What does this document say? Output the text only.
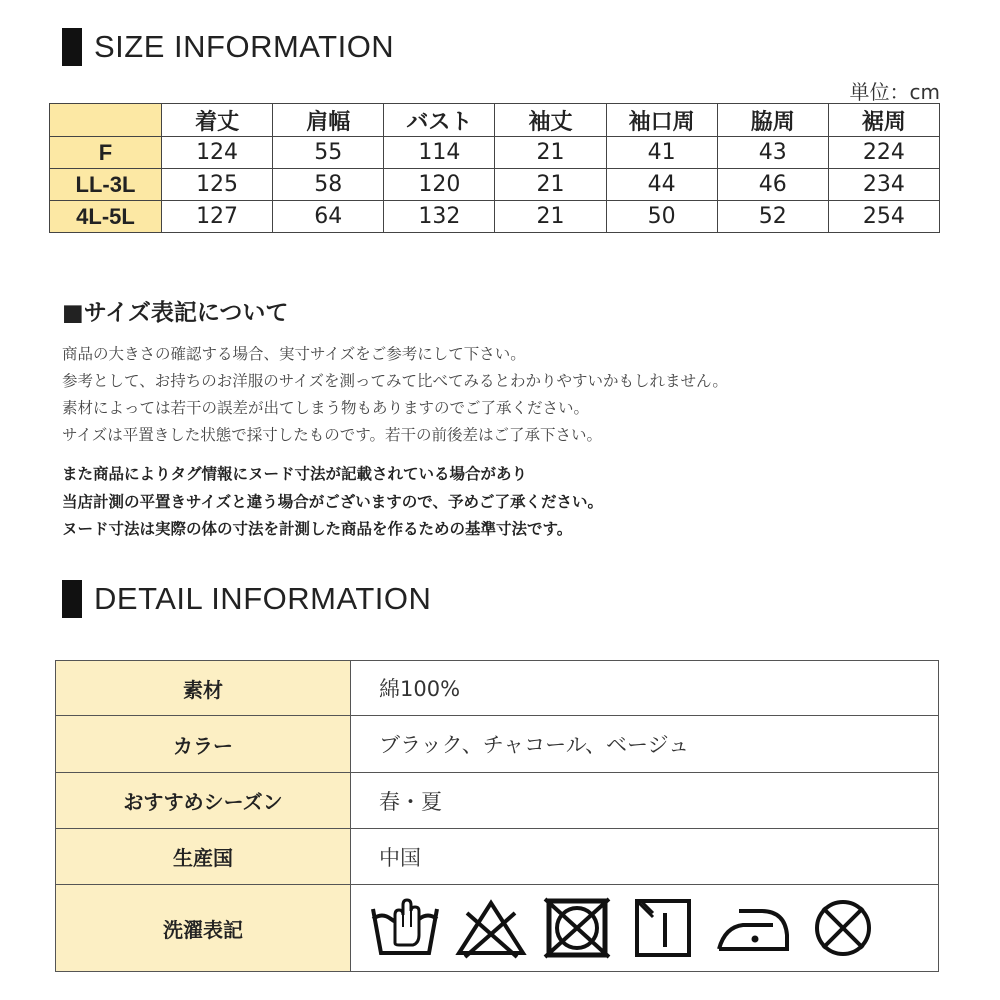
SIZE INFORMATION
単位：cm
	着丈	肩幅	バスト	袖丈	袖口周	脇周	裾周
F	124	55	114	21	41	43	224
LL-3L	125	58	120	21	44	46	234
4L-5L	127	64	132	21	50	52	254
■サイズ表記について
商品の大きさの確認する場合、実寸サイズをご参考にして下さい。
参考として、お持ちのお洋服のサイズを測ってみて比べてみるとわかりやすいかもしれません。
素材によっては若干の誤差が出てしまう物もありますのでご了承ください。
サイズは平置きした状態で採寸したものです。若干の前後差はご了承下さい。
また商品によりタグ情報にヌード寸法が記載されている場合があり
当店計測の平置きサイズと違う場合がございますので、予めご了承ください。
ヌード寸法は実際の体の寸法を計測した商品を作るための基準寸法です。
DETAIL INFORMATION
素材	綿100%
カラー	ブラック、チャコール、ベージュ
おすすめシーズン	春・夏
生産国	中国
洗濯表記	
